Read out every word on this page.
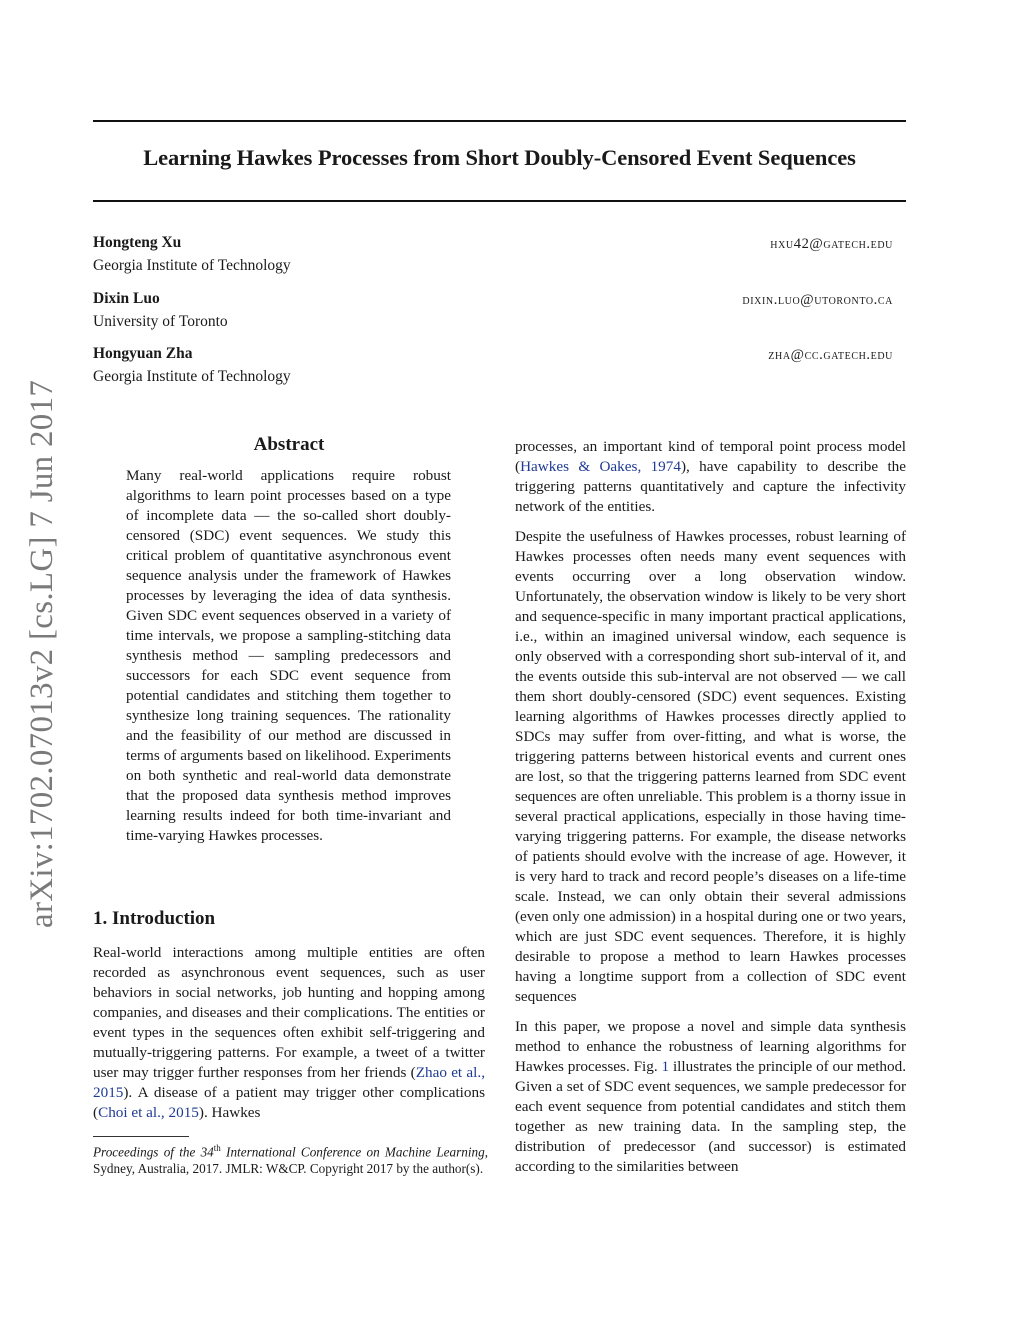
Learning Hawkes Processes from Short Doubly-Censored Event Sequences
Hongteng Xu	hxu42@gatech.edu
Georgia Institute of Technology
Dixin Luo	dixin.luo@utoronto.ca
University of Toronto
Hongyuan Zha	zha@cc.gatech.edu
Georgia Institute of Technology
arXiv:1702.07013v2 [cs.LG] 7 Jun 2017	Abstract

Many real-world applications require robust algorithms to learn point processes based on a type of incomplete data — the so-called short doubly-censored (SDC) event sequences. We study this critical problem of quantitative asynchronous event sequence analysis under the framework of Hawkes processes by leveraging the idea of data synthesis. Given SDC event sequences observed in a variety of time intervals, we propose a sampling-stitching data synthesis method — sampling predecessors and successors for each SDC event sequence from potential candidates and stitching them together to synthesize long training sequences. The rationality and the feasibility of our method are discussed in terms of arguments based on likelihood. Experiments on both synthetic and real-world data demonstrate that the proposed data synthesis method improves learning results indeed for both time-invariant and time-varying Hawkes processes.

1. Introduction

Real-world interactions among multiple entities are often recorded as asynchronous event sequences, such as user behaviors in social networks, job hunting and hopping among companies, and diseases and their complications. The entities or event types in the sequences often exhibit self-triggering and mutually-triggering patterns. For example, a tweet of a twitter user may trigger further responses from her friends (Zhao et al., 2015). A disease of a patient may trigger other complications (Choi et al., 2015). Hawkes

Proceedings of the 34th International Conference on Machine Learning, Sydney, Australia, 2017. JMLR: W&CP. Copyright 2017 by the author(s).

processes, an important kind of temporal point process model (Hawkes & Oakes, 1974), have capability to describe the triggering patterns quantitatively and capture the infectivity network of the entities.

Despite the usefulness of Hawkes processes, robust learning of Hawkes processes often needs many event sequences with events occurring over a long observation window. Unfortunately, the observation window is likely to be very short and sequence-specific in many important practical applications, i.e., within an imagined universal window, each sequence is only observed with a corresponding short sub-interval of it, and the events outside this sub-interval are not observed — we call them short doubly-censored (SDC) event sequences. Existing learning algorithms of Hawkes processes directly applied to SDCs may suffer from over-fitting, and what is worse, the triggering patterns between historical events and current ones are lost, so that the triggering patterns learned from SDC event sequences are often unreliable. This problem is a thorny issue in several practical applications, especially in those having time-varying triggering patterns. For example, the disease networks of patients should evolve with the increase of age. However, it is very hard to track and record people’s diseases on a life-time scale. Instead, we can only obtain their several admissions (even only one admission) in a hospital during one or two years, which are just SDC event sequences. Therefore, it is highly desirable to propose a method to learn Hawkes processes having a longtime support from a collection of SDC event sequences

In this paper, we propose a novel and simple data synthesis method to enhance the robustness of learning algorithms for Hawkes processes. Fig. 1 illustrates the principle of our method. Given a set of SDC event sequences, we sample predecessor for each event sequence from potential candidates and stitch them together as new training data. In the sampling step, the distribution of predecessor (and successor) is estimated according to the similarities between
